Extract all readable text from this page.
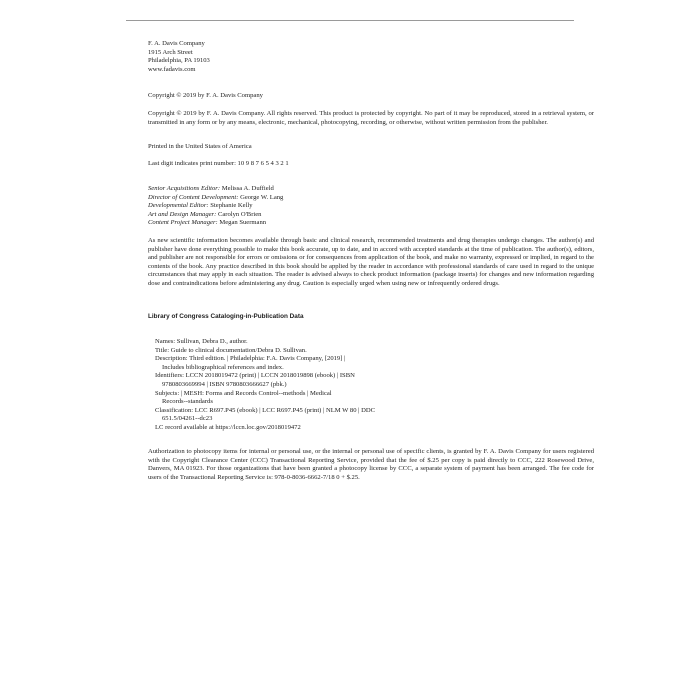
F. A. Davis Company
1915 Arch Street
Philadelphia, PA 19103
www.fadavis.com

Copyright © 2019 by F. A. Davis Company

Copyright © 2019 by F. A. Davis Company. All rights reserved. This product is protected by copyright. No part of it may be reproduced, stored in a retrieval system, or transmitted in any form or by any means, electronic, mechanical, photocopying, recording, or otherwise, without written permission from the publisher.

Printed in the United States of America

Last digit indicates print number: 10 9 8 7 6 5 4 3 2 1

Senior Acquisitions Editor: Melissa A. Duffield
Director of Content Development: George W. Lang
Developmental Editor: Stephanie Kelly
Art and Design Manager: Carolyn O'Brien
Content Project Manager: Megan Suermann

As new scientific information becomes available through basic and clinical research, recommended treatments and drug therapies undergo changes. The author(s) and publisher have done everything possible to make this book accurate, up to date, and in accord with accepted standards at the time of publication. The author(s), editors, and publisher are not responsible for errors or omissions or for consequences from application of the book, and make no warranty, expressed or implied, in regard to the contents of the book. Any practice described in this book should be applied by the reader in accordance with professional standards of care used in regard to the unique circumstances that may apply in each situation. The reader is advised always to check product information (package inserts) for changes and new information regarding dose and contraindications before administering any drug. Caution is especially urged when using new or infrequently ordered drugs.

Library of Congress Cataloging-in-Publication Data

Names: Sullivan, Debra D., author.
Title: Guide to clinical documentation/Debra D. Sullivan.
Description: Third edition. | Philadelphia: F.A. Davis Company, [2019] |
Includes bibliographical references and index.
Identifiers: LCCN 2018019472 (print) | LCCN 2018019898 (ebook) | ISBN
9780803669994 | ISBN 9780803666627 (pbk.)
Subjects: | MESH: Forms and Records Control--methods | Medical
Records--standards
Classification: LCC R697.P45 (ebook) | LCC R697.P45 (print) | NLM W 80 | DDC
651.5/04261--dc23
LC record available at https://lccn.loc.gov/2018019472

Authorization to photocopy items for internal or personal use, or the internal or personal use of specific clients, is granted by F. A. Davis Company for users registered with the Copyright Clearance Center (CCC) Transactional Reporting Service, provided that the fee of $.25 per copy is paid directly to CCC, 222 Rosewood Drive, Danvers, MA 01923. For those organizations that have been granted a photocopy license by CCC, a separate system of payment has been arranged. The fee code for users of the Transactional Reporting Service is: 978-0-8036-6662-7/18 0 + $.25.
